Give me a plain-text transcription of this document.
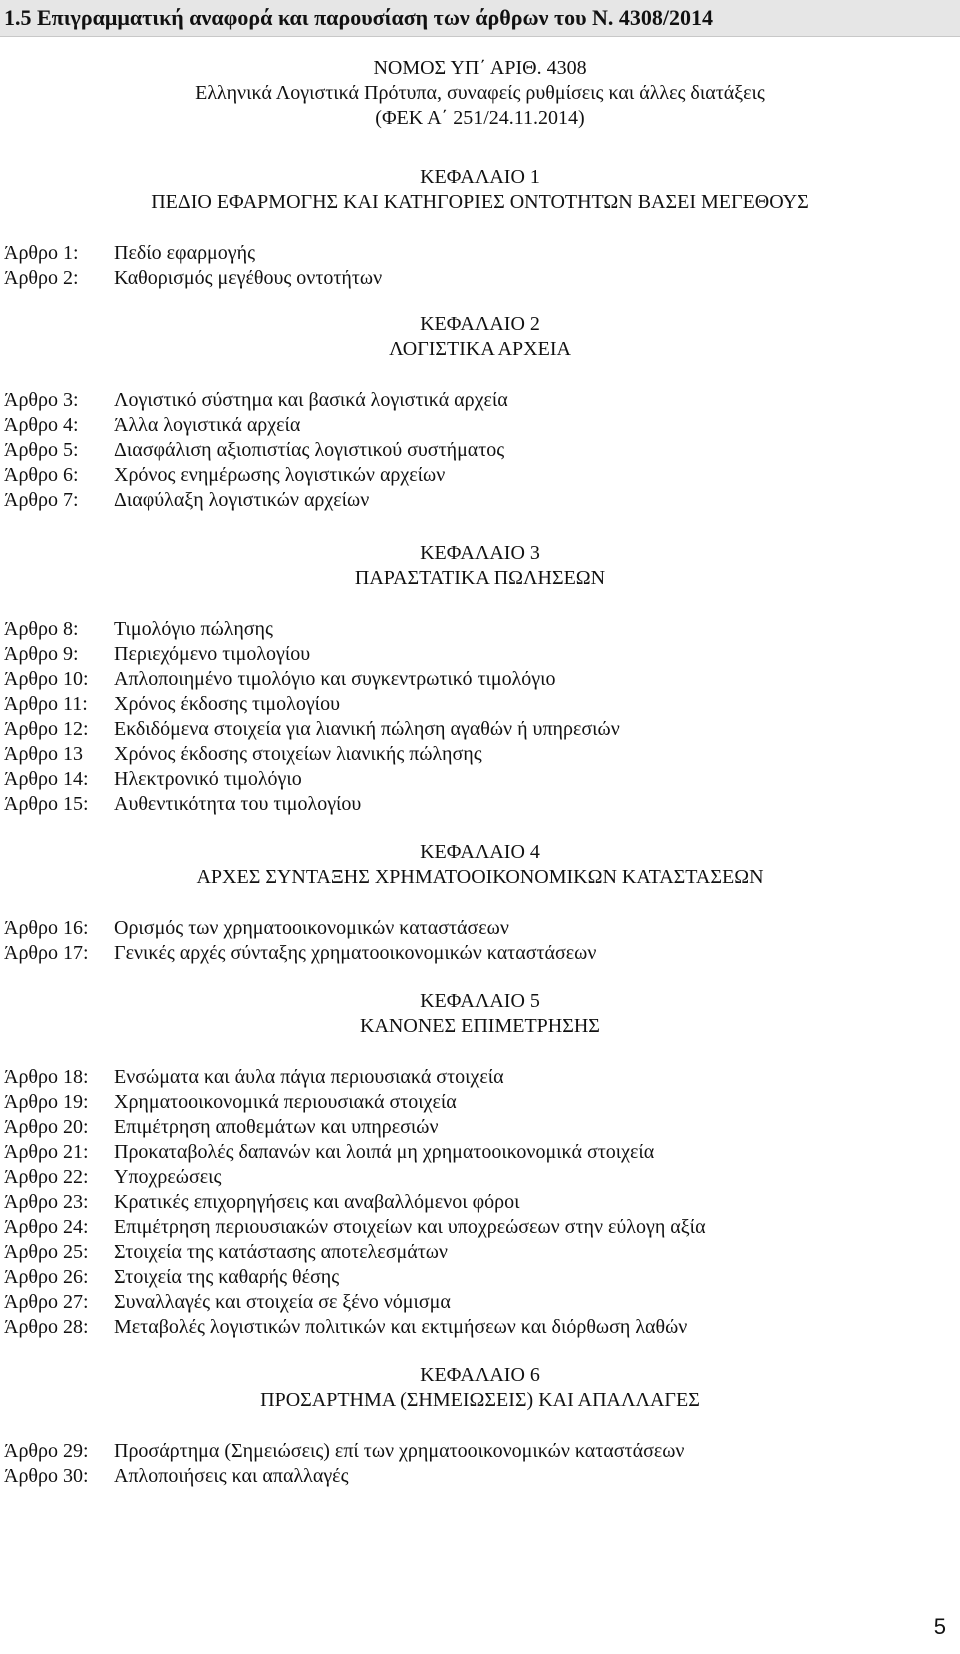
1.5 Επιγραμματική αναφορά και παρουσίαση των άρθρων του Ν. 4308/2014
ΝΟΜΟΣ ΥΠ΄ ΑΡΙΘ. 4308
Ελληνικά Λογιστικά Πρότυπα, συναφείς ρυθμίσεις και άλλες διατάξεις
(ΦΕΚ Α΄ 251/24.11.2014)
ΚΕΦΑΛΑΙΟ 1
ΠΕΔΙΟ ΕΦΑΡΜΟΓΗΣ ΚΑΙ ΚΑΤΗΓΟΡΙΕΣ ΟΝΤΟΤΗΤΩΝ ΒΑΣΕΙ ΜΕΓΕΘΟΥΣ
Άρθρο 1: Πεδίο εφαρμογής
Άρθρο 2: Καθορισμός μεγέθους οντοτήτων
ΚΕΦΑΛΑΙΟ 2
ΛΟΓΙΣΤΙΚΑ ΑΡΧΕΙΑ
Άρθρο 3: Λογιστικό σύστημα και βασικά λογιστικά αρχεία
Άρθρο 4: Άλλα λογιστικά αρχεία
Άρθρο 5: Διασφάλιση αξιοπιστίας λογιστικού συστήματος
Άρθρο 6: Χρόνος ενημέρωσης λογιστικών αρχείων
Άρθρο 7: Διαφύλαξη λογιστικών αρχείων
ΚΕΦΑΛΑΙΟ 3
ΠΑΡΑΣΤΑΤΙΚΑ ΠΩΛΗΣΕΩΝ
Άρθρο 8: Τιμολόγιο πώλησης
Άρθρο 9: Περιεχόμενο τιμολογίου
Άρθρο 10: Απλοποιημένο τιμολόγιο και συγκεντρωτικό τιμολόγιο
Άρθρο 11: Χρόνος έκδοσης τιμολογίου
Άρθρο 12: Εκδιδόμενα στοιχεία για λιανική πώληση αγαθών ή υπηρεσιών
Άρθρο 13 Χρόνος έκδοσης στοιχείων λιανικής πώλησης
Άρθρο 14: Ηλεκτρονικό τιμολόγιο
Άρθρο 15: Αυθεντικότητα του τιμολογίου
ΚΕΦΑΛΑΙΟ 4
ΑΡΧΕΣ ΣΥΝΤΑΞΗΣ ΧΡΗΜΑΤΟΟΙΚΟΝΟΜΙΚΩΝ ΚΑΤΑΣΤΑΣΕΩΝ
Άρθρο 16: Ορισμός των χρηματοοικονομικών καταστάσεων
Άρθρο 17: Γενικές αρχές σύνταξης χρηματοοικονομικών καταστάσεων
ΚΕΦΑΛΑΙΟ 5
ΚΑΝΟΝΕΣ ΕΠΙΜΕΤΡΗΣΗΣ
Άρθρο 18: Ενσώματα και άυλα πάγια περιουσιακά στοιχεία
Άρθρο 19: Χρηματοοικονομικά περιουσιακά στοιχεία
Άρθρο 20: Επιμέτρηση αποθεμάτων και υπηρεσιών
Άρθρο 21: Προκαταβολές δαπανών και λοιπά μη χρηματοοικονομικά στοιχεία
Άρθρο 22: Υποχρεώσεις
Άρθρο 23: Κρατικές επιχορηγήσεις και αναβαλλόμενοι φόροι
Άρθρο 24: Επιμέτρηση περιουσιακών στοιχείων και υποχρεώσεων στην εύλογη αξία
Άρθρο 25: Στοιχεία της κατάστασης αποτελεσμάτων
Άρθρο 26: Στοιχεία της καθαρής θέσης
Άρθρο 27: Συναλλαγές και στοιχεία σε ξένο νόμισμα
Άρθρο 28: Μεταβολές λογιστικών πολιτικών και εκτιμήσεων και διόρθωση λαθών
ΚΕΦΑΛΑΙΟ 6
ΠΡΟΣΑΡΤΗΜΑ (ΣΗΜΕΙΩΣΕΙΣ) ΚΑΙ ΑΠΑΛΛΑΓΕΣ
Άρθρο 29: Προσάρτημα (Σημειώσεις) επί των χρηματοοικονομικών καταστάσεων
Άρθρο 30: Απλοποιήσεις και απαλλαγές
5
